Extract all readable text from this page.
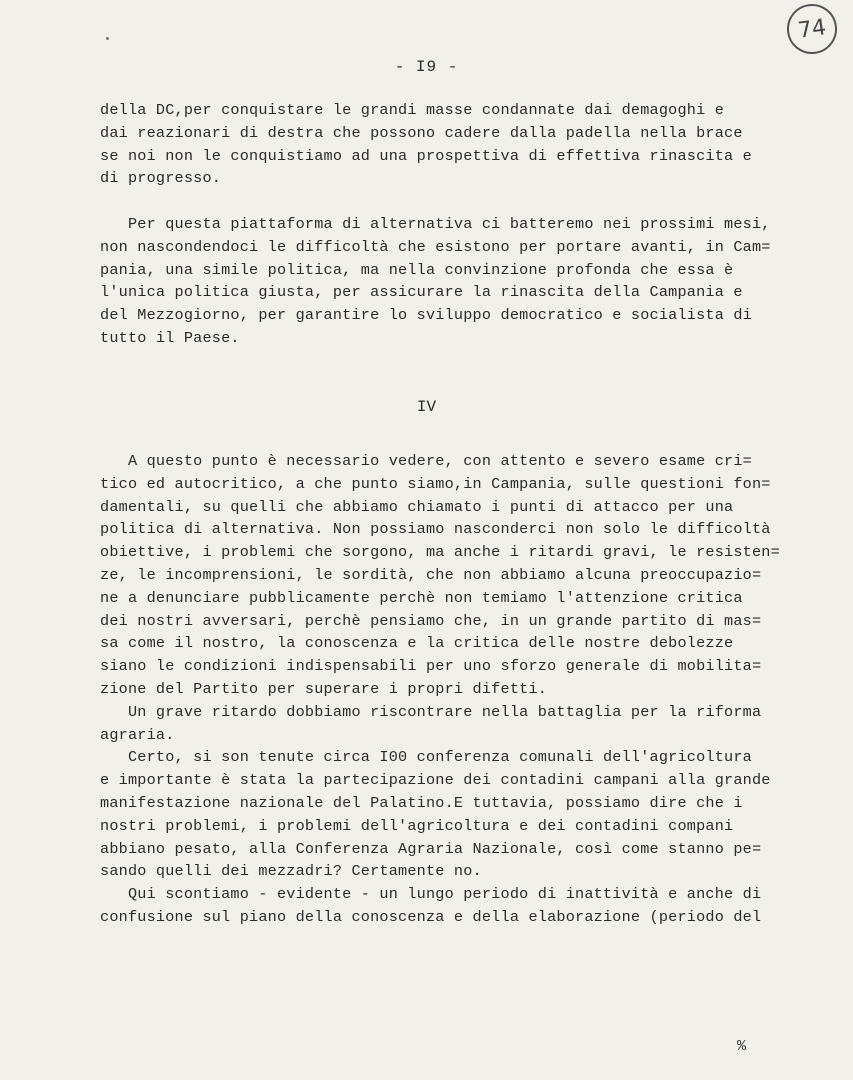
74
- I9 -
della DC,per conquistare le grandi masse condannate dai demagoghi e
dai reazionari di destra che possono cadere dalla padella nella brace
se noi non le conquistiamo ad una prospettiva di effettiva rinascita e
di progresso.
Per questa piattaforma di alternativa ci batteremo nei prossimi mesi,
non nascondendoci le difficoltà che esistono per portare avanti, in Cam=
pania, una simile politica, ma nella convinzione profonda che essa è
l'unica politica giusta, per assicurare la rinascita della Campania e
del Mezzogiorno, per garantire lo sviluppo democratico e socialista di
tutto il Paese.
IV
A questo punto è necessario vedere, con attento e severo esame cri=
tico ed autocritico, a che punto siamo,in Campania, sulle questioni fon=
damentali, su quelli che abbiamo chiamato i punti di attacco per una
politica di alternativa. Non possiamo nasconderci non solo le difficoltà
obiettive, i problemi che sorgono, ma anche i ritardi gravi, le resisten=
ze, le incomprensioni, le sordità, che non abbiamo alcuna preoccupazio=
ne a denunciare pubblicamente perchè non temiamo l'attenzione critica
dei nostri avversari, perchè pensiamo che, in un grande partito di mas=
sa come il nostro, la conoscenza e la critica delle nostre debolezze
siano le condizioni indispensabili per uno sforzo generale di mobilita=
zione del Partito per superare i propri difetti.
Un grave ritardo dobbiamo riscontrare nella battaglia per la riforma
agraria.
Certo, si son tenute circa I00 conferenza comunali dell'agricoltura
e importante è stata la partecipazione dei contadini campani alla grande
manifestazione nazionale del Palatino.E tuttavia, possiamo dire che i
nostri problemi, i problemi dell'agricoltura e dei contadini compani
abbiano pesato, alla Conferenza Agraria Nazionale, così come stanno pe=
sando quelli dei mezzadri? Certamente no.
Qui scontiamo - evidente - un lungo periodo di inattività e anche di
confusione sul piano della conoscenza e della elaborazione (periodo del
%
